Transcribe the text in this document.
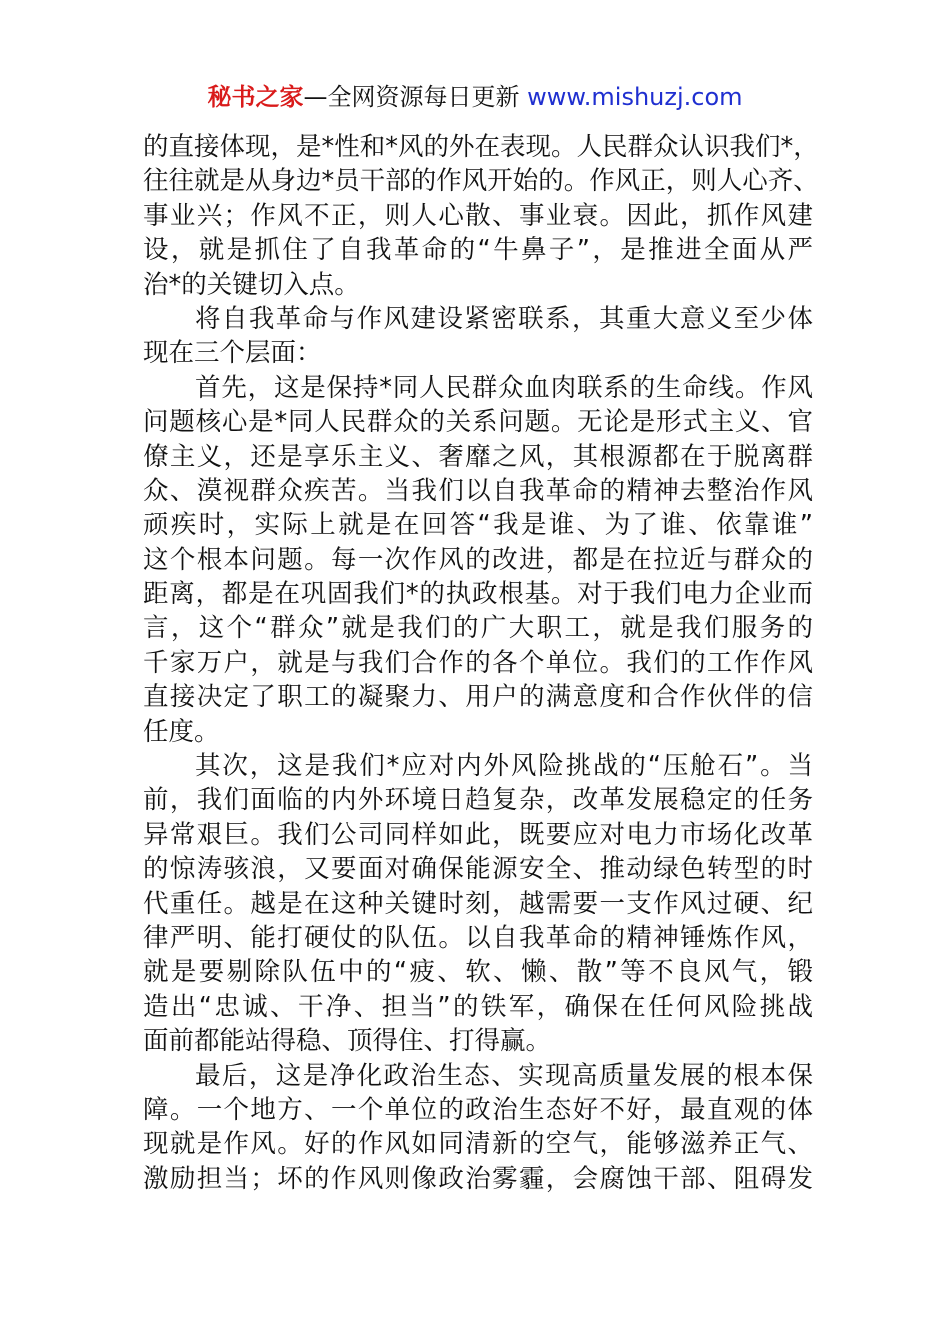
秘书之家—全网资源每日更新 www.mishuzj.com
的直接体现，是*性和*风的外在表现。人民群众认识我们*，
往往就是从身边*员干部的作风开始的。作风正，则人心齐、
事业兴；作风不正，则人心散、事业衰。因此，抓作风建
设，就是抓住了自我革命的“牛鼻子”，是推进全面从严
治*的关键切入点。
将自我革命与作风建设紧密联系，其重大意义至少体
现在三个层面：
首先，这是保持*同人民群众血肉联系的生命线。作风
问题核心是*同人民群众的关系问题。无论是形式主义、官
僚主义，还是享乐主义、奢靡之风，其根源都在于脱离群
众、漠视群众疾苦。当我们以自我革命的精神去整治作风
顽疾时，实际上就是在回答“我是谁、为了谁、依靠谁”
这个根本问题。每一次作风的改进，都是在拉近与群众的
距离，都是在巩固我们*的执政根基。对于我们电力企业而
言，这个“群众”就是我们的广大职工，就是我们服务的
千家万户，就是与我们合作的各个单位。我们的工作作风
直接决定了职工的凝聚力、用户的满意度和合作伙伴的信
任度。
其次，这是我们*应对内外风险挑战的“压舱石”。当
前，我们面临的内外环境日趋复杂，改革发展稳定的任务
异常艰巨。我们公司同样如此，既要应对电力市场化改革
的惊涛骇浪，又要面对确保能源安全、推动绿色转型的时
代重任。越是在这种关键时刻，越需要一支作风过硬、纪
律严明、能打硬仗的队伍。以自我革命的精神锤炼作风，
就是要剔除队伍中的“疲、软、懒、散”等不良风气，锻
造出“忠诚、干净、担当”的铁军，确保在任何风险挑战
面前都能站得稳、顶得住、打得赢。
最后，这是净化政治生态、实现高质量发展的根本保
障。一个地方、一个单位的政治生态好不好，最直观的体
现就是作风。好的作风如同清新的空气，能够滋养正气、
激励担当；坏的作风则像政治雾霾，会腐蚀干部、阻碍发
